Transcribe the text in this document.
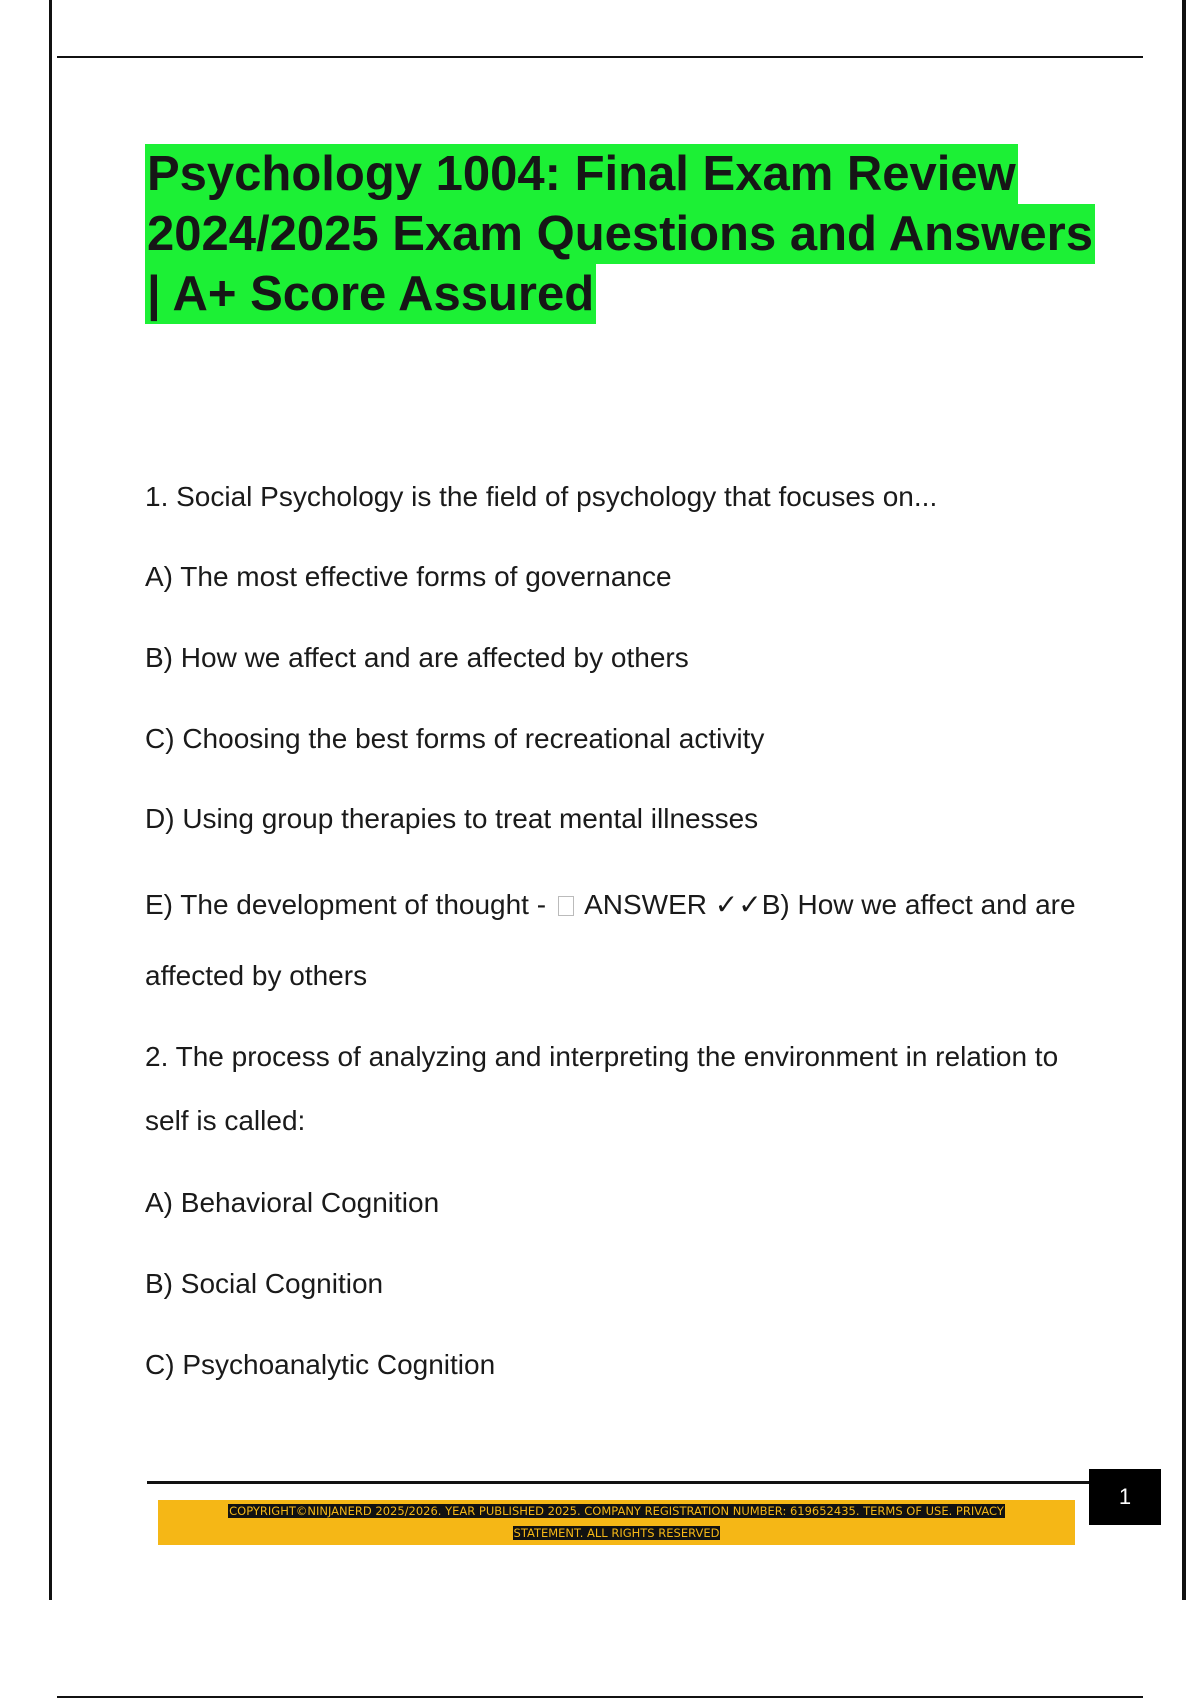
Psychology 1004: Final Exam Review
2024/2025 Exam Questions and Answers
| A+ Score Assured
1. Social Psychology is the field of psychology that focuses on...
A) The most effective forms of governance
B) How we affect and are affected by others
C) Choosing the best forms of recreational activity
D) Using group therapies to treat mental illnesses
E) The development of thought - ANSWER ✓✓B) How we affect and are
affected by others
2. The process of analyzing and interpreting the environment in relation to
self is called:
A) Behavioral Cognition
B) Social Cognition
C) Psychoanalytic Cognition
1
COPYRIGHT©NINJANERD 2025/2026. YEAR PUBLISHED 2025. COMPANY REGISTRATION NUMBER: 619652435. TERMS OF USE. PRIVACY
STATEMENT. ALL RIGHTS RESERVED
